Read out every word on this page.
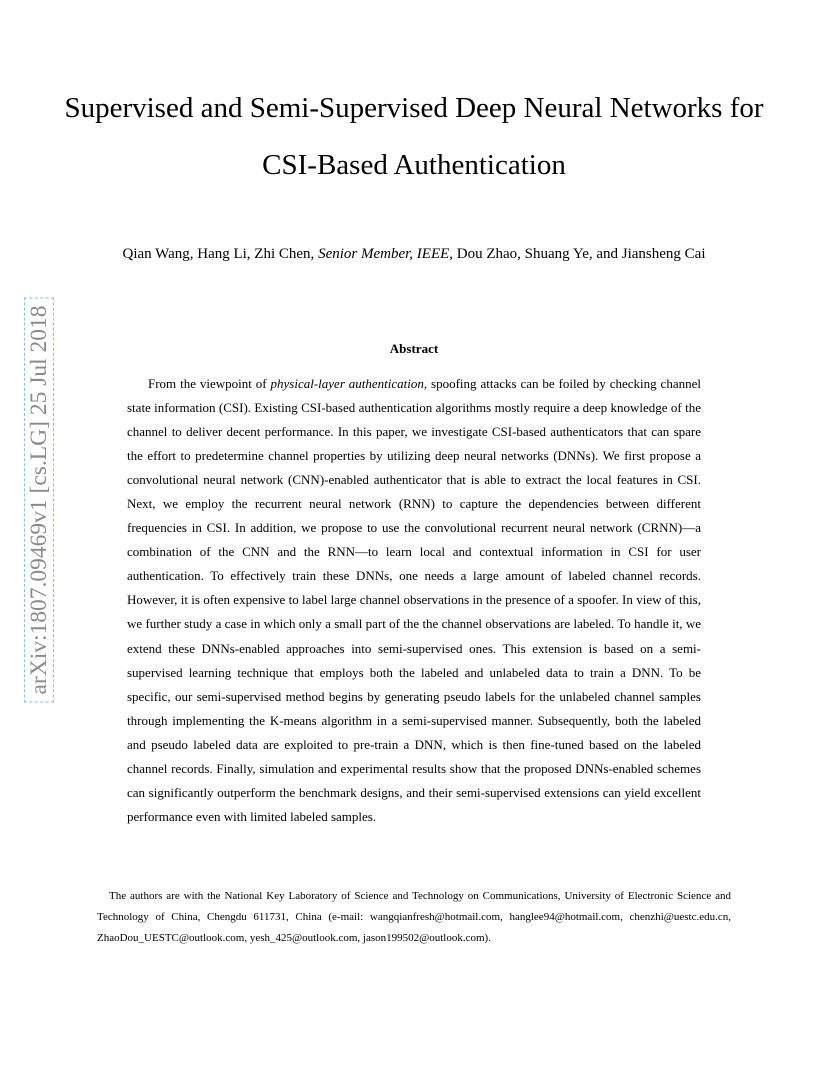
Supervised and Semi-Supervised Deep Neural Networks for CSI-Based Authentication
Qian Wang, Hang Li, Zhi Chen, Senior Member, IEEE, Dou Zhao, Shuang Ye, and Jiansheng Cai
arXiv:1807.09469v1 [cs.LG] 25 Jul 2018	Abstract

From the viewpoint of physical-layer authentication, spoofing attacks can be foiled by checking channel state information (CSI). Existing CSI-based authentication algorithms mostly require a deep knowledge of the channel to deliver decent performance. In this paper, we investigate CSI-based authenticators that can spare the effort to predetermine channel properties by utilizing deep neural networks (DNNs). We first propose a convolutional neural network (CNN)-enabled authenticator that is able to extract the local features in CSI. Next, we employ the recurrent neural network (RNN) to capture the dependencies between different frequencies in CSI. In addition, we propose to use the convolutional recurrent neural network (CRNN)—a combination of the CNN and the RNN—to learn local and contextual information in CSI for user authentication. To effectively train these DNNs, one needs a large amount of labeled channel records. However, it is often expensive to label large channel observations in the presence of a spoofer. In view of this, we further study a case in which only a small part of the the channel observations are labeled. To handle it, we extend these DNNs-enabled approaches into semi-supervised ones. This extension is based on a semi-supervised learning technique that employs both the labeled and unlabeled data to train a DNN. To be specific, our semi-supervised method begins by generating pseudo labels for the unlabeled channel samples through implementing the K-means algorithm in a semi-supervised manner. Subsequently, both the labeled and pseudo labeled data are exploited to pre-train a DNN, which is then fine-tuned based on the labeled channel records. Finally, simulation and experimental results show that the proposed DNNs-enabled schemes can significantly outperform the benchmark designs, and their semi-supervised extensions can yield excellent performance even with limited labeled samples.

The authors are with the National Key Laboratory of Science and Technology on Communications, University of Electronic Science and Technology of China, Chengdu 611731, China (e-mail: wangqianfresh@hotmail.com, hanglee94@hotmail.com, chenzhi@uestc.edu.cn, ZhaoDou_UESTC@outlook.com, yesh_425@outlook.com, jason199502@outlook.com).
